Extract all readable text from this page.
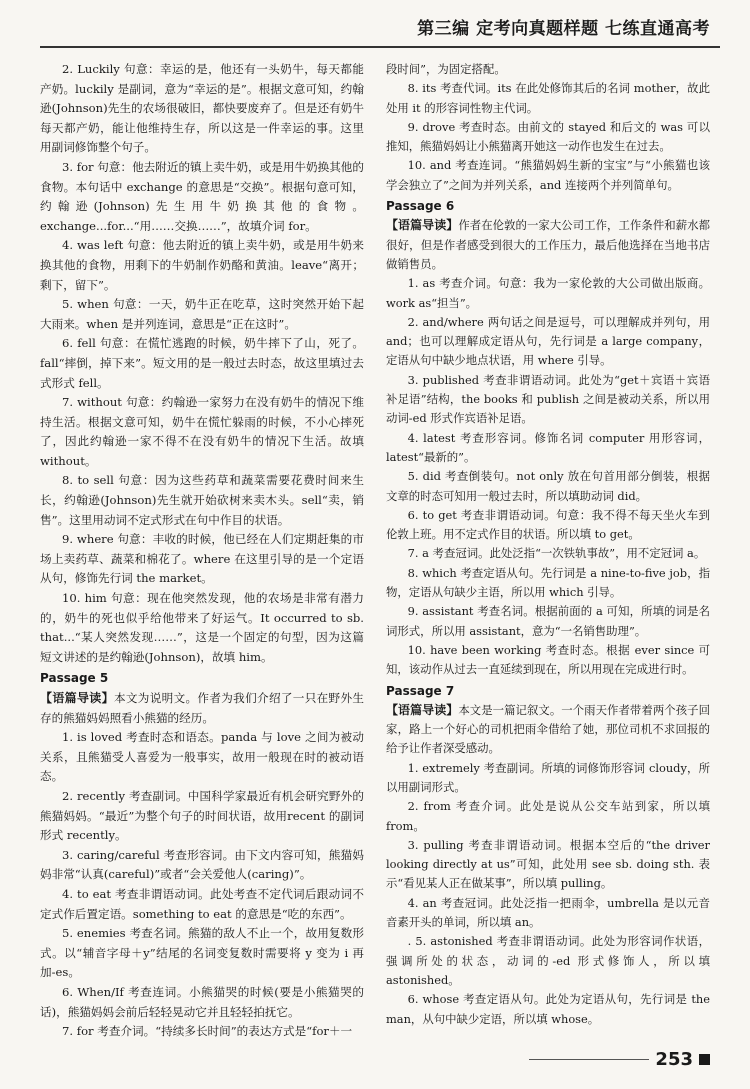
第三编 定考向真题样题 七练直通高考

2. Luckily 句意：幸运的是，他还有一头奶牛，每天都能产奶。luckily 是副词，意为“幸运的是”。根据文意可知，约翰逊(Johnson)先生的农场很破旧，都快要废弃了。但是还有奶牛每天都产奶，能让他维持生存，所以这是一件幸运的事。这里用副词修饰整个句子。

3. for 句意：他去附近的镇上卖牛奶，或是用牛奶换其他的食物。本句话中 exchange 的意思是“交换”。根据句意可知，约翰逊(Johnson)先生用牛奶换其他的食物。exchange...for...“用……交换……”，故填介词 for。

4. was left 句意：他去附近的镇上卖牛奶，或是用牛奶来换其他的食物，用剩下的牛奶制作奶酪和黄油。leave“离开；剩下，留下”。

5. when 句意：一天，奶牛正在吃草，这时突然开始下起大雨来。when 是并列连词，意思是“正在这时”。

6. fell 句意：在慌忙逃跑的时候，奶牛摔下了山，死了。fall“摔倒，掉下来”。短文用的是一般过去时态，故这里填过去式形式 fell。

7. without 句意：约翰逊一家努力在没有奶牛的情况下维持生活。根据文意可知，奶牛在慌忙躲雨的时候，不小心摔死了，因此约翰逊一家不得不在没有奶牛的情况下生活。故填 without。

8. to sell 句意：因为这些药草和蔬菜需要花费时间来生长，约翰逊(Johnson)先生就开始砍树来卖木头。sell“卖，销售”。这里用动词不定式形式在句中作目的状语。

9. where 句意：丰收的时候，他已经在人们定期赶集的市场上卖药草、蔬菜和棉花了。where 在这里引导的是一个定语从句，修饰先行词 the market。

10. him 句意：现在他突然发现，他的农场是非常有潜力的，奶牛的死也似乎给他带来了好运气。It occurred to sb. that...“某人突然发现……”，这是一个固定的句型，因为这篇短文讲述的是约翰逊(Johnson)，故填 him。

Passage 5

【语篇导读】本文为说明文。作者为我们介绍了一只在野外生存的熊猫妈妈照看小熊猫的经历。

1. is loved 考查时态和语态。panda 与 love 之间为被动关系，且熊猫受人喜爱为一般事实，故用一般现在时的被动语态。

2. recently 考查副词。中国科学家最近有机会研究野外的熊猫妈妈。“最近”为整个句子的时间状语，故用recent 的副词形式 recently。

3. caring/careful 考查形容词。由下文内容可知，熊猫妈妈非常“认真(careful)”或者“会关爱他人(caring)”。

4. to eat 考查非谓语动词。此处考查不定代词后跟动词不定式作后置定语。something to eat 的意思是“吃的东西”。

5. enemies 考查名词。熊猫的敌人不止一个，故用复数形式。以“辅音字母＋y”结尾的名词变复数时需要将 y 变为 i 再加-es。

6. When/If 考查连词。小熊猫哭的时候(要是小熊猫哭的话)，熊猫妈妈会前后轻轻晃动它并且轻轻拍抚它。

7. for 考查介词。“持续多长时间”的表达方式是“for＋一

段时间”，为固定搭配。

8. its 考查代词。its 在此处修饰其后的名词 mother，故此处用 it 的形容词性物主代词。

9. drove 考查时态。由前文的 stayed 和后文的 was 可以推知，熊猫妈妈让小熊猫离开她这一动作也发生在过去。

10. and 考查连词。“熊猫妈妈生新的宝宝”与“小熊猫也该学会独立了”之间为并列关系，and 连接两个并列简单句。

Passage 6

【语篇导读】作者在伦敦的一家大公司工作，工作条件和薪水都很好，但是作者感受到很大的工作压力，最后他选择在当地书店做销售员。

1. as 考查介词。句意：我为一家伦敦的大公司做出版商。work as“担当”。

2. and/where 两句话之间是逗号，可以理解成并列句，用 and；也可以理解成定语从句，先行词是 a large company，定语从句中缺少地点状语，用 where 引导。

3. published 考查非谓语动词。此处为“get＋宾语＋宾语补足语”结构，the books 和 publish 之间是被动关系，所以用动词-ed 形式作宾语补足语。

4. latest 考查形容词。修饰名词 computer 用形容词，latest“最新的”。

5. did 考查倒装句。not only 放在句首用部分倒装，根据文章的时态可知用一般过去时，所以填助动词 did。

6. to get 考查非谓语动词。句意：我不得不每天坐火车到伦敦上班。用不定式作目的状语。所以填 to get。

7. a 考查冠词。此处泛指“一次铁轨事故”，用不定冠词 a。

8. which 考查定语从句。先行词是 a nine-to-five job，指物，定语从句缺少主语，所以用 which 引导。

9. assistant 考查名词。根据前面的 a 可知，所填的词是名词形式，所以用 assistant，意为“一名销售助理”。

10. have been working 考查时态。根据 ever since 可知，该动作从过去一直延续到现在，所以用现在完成进行时。

Passage 7

【语篇导读】本文是一篇记叙文。一个雨天作者带着两个孩子回家，路上一个好心的司机把雨伞借给了她，那位司机不求回报的给予让作者深受感动。

1. extremely 考查副词。所填的词修饰形容词 cloudy，所以用副词形式。

2. from 考查介词。此处是说从公交车站到家，所以填 from。

3. pulling 考查非谓语动词。根据本空后的“the driver looking directly at us”可知，此处用 see sb. doing sth. 表示“看见某人正在做某事”，所以填 pulling。

4. an 考查冠词。此处泛指一把雨伞，umbrella 是以元音音素开头的单词，所以填 an。

. 5. astonished 考查非谓语动词。此处为形容词作状语，强调所处的状态，动词的-ed 形式修饰人，所以填 astonished。

6. whose 考查定语从句。此处为定语从句，先行词是 the man，从句中缺少定语，所以填 whose。

253
